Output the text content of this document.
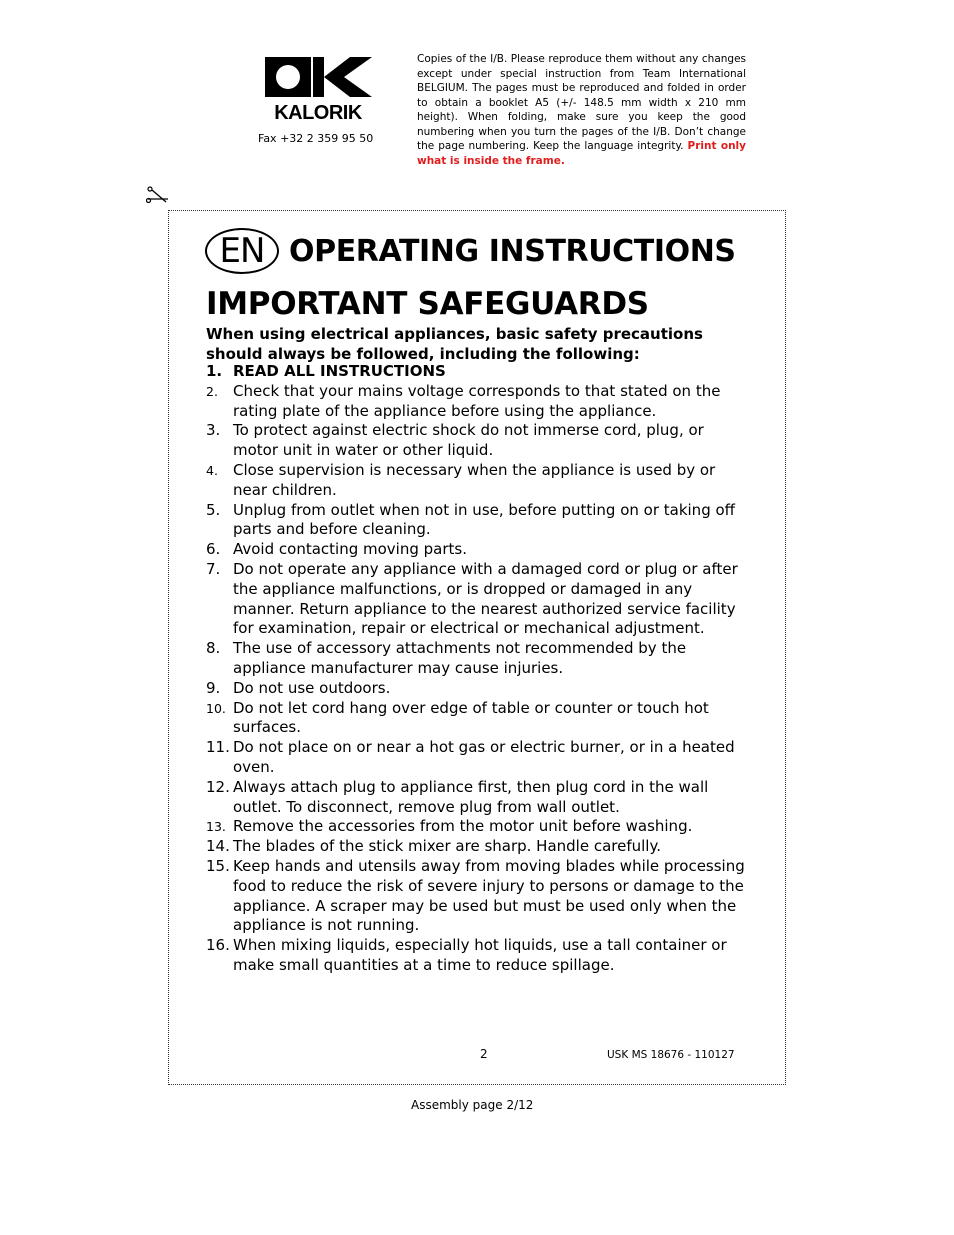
KALORIK
Fax +32 2 359 95 50
Copies of the I/B. Please reproduce them without any changes except under special instruction from Team International BELGIUM. The pages must be reproduced and folded in order to obtain a booklet A5 (+/- 148.5 mm width x 210 mm height). When folding, make sure you keep the good numbering when you turn the pages of the I/B. Don’t change the page numbering. Keep the language integrity. Print only what is inside the frame.
EN OPERATING INSTRUCTIONS
IMPORTANT SAFEGUARDS
When using electrical appliances, basic safety precautions should always be followed, including the following:
1. READ ALL INSTRUCTIONS
2. Check that your mains voltage corresponds to that stated on the rating plate of the appliance before using the appliance.
3. To protect against electric shock do not immerse cord, plug, or motor unit in water or other liquid.
4. Close supervision is necessary when the appliance is used by or near children.
5. Unplug from outlet when not in use, before putting on or taking off parts and before cleaning.
6. Avoid contacting moving parts.
7. Do not operate any appliance with a damaged cord or plug or after the appliance malfunctions, or is dropped or damaged in any manner. Return appliance to the nearest authorized service facility for examination, repair or electrical or mechanical adjustment.
8. The use of accessory attachments not recommended by the appliance manufacturer may cause injuries.
9. Do not use outdoors.
10. Do not let cord hang over edge of table or counter or touch hot surfaces.
11. Do not place on or near a hot gas or electric burner, or in a heated oven.
12. Always attach plug to appliance first, then plug cord in the wall outlet. To disconnect, remove plug from wall outlet.
13. Remove the accessories from the motor unit before washing.
14. The blades of the stick mixer are sharp. Handle carefully.
15. Keep hands and utensils away from moving blades while processing food to reduce the risk of severe injury to persons or damage to the appliance. A scraper may be used but must be used only when the appliance is not running.
16. When mixing liquids, especially hot liquids, use a tall container or make small quantities at a time to reduce spillage.
2	USK MS 18676 - 110127
Assembly page 2/12
